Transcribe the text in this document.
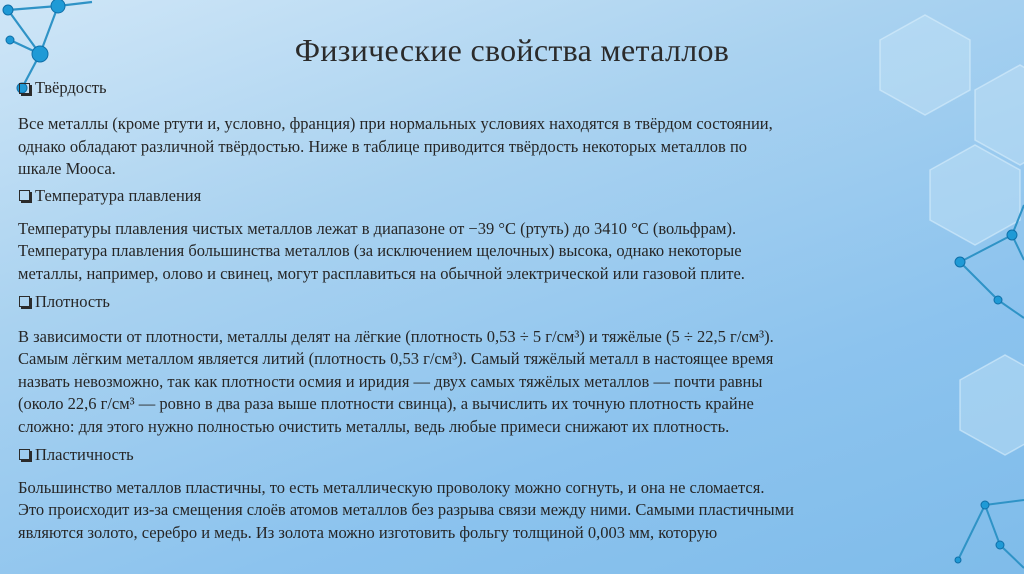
Физические свойства металлов
Твёрдость
Все металлы (кроме ртути и, условно, франция) при нормальных условиях находятся в твёрдом состоянии,
однако обладают различной твёрдостью. Ниже в таблице приводится твёрдость некоторых металлов по
шкале Мооса.
Температура плавления
Температуры плавления чистых металлов лежат в диапазоне от −39 °C (ртуть) до 3410 °C (вольфрам).
Температура плавления большинства металлов (за исключением щелочных) высока, однако некоторые
металлы, например, олово и свинец, могут расплавиться на обычной электрической или газовой плите.
Плотность
В зависимости от плотности, металлы делят на лёгкие (плотность 0,53 ÷ 5 г/см³) и тяжёлые (5 ÷ 22,5 г/см³).
Самым лёгким металлом является литий (плотность 0,53 г/см³). Самый тяжёлый металл в настоящее время
назвать невозможно, так как плотности осмия и иридия — двух самых тяжёлых металлов — почти равны
(около 22,6 г/см³ — ровно в два раза выше плотности свинца), а вычислить их точную плотность крайне
сложно: для этого нужно полностью очистить металлы, ведь любые примеси снижают их плотность.
Пластичность
Большинство металлов пластичны, то есть металлическую проволоку можно согнуть, и она не сломается.
Это происходит из-за смещения слоёв атомов металлов без разрыва связи между ними. Самыми пластичными
являются золото, серебро и медь. Из золота можно изготовить фольгу толщиной 0,003 мм, которую
